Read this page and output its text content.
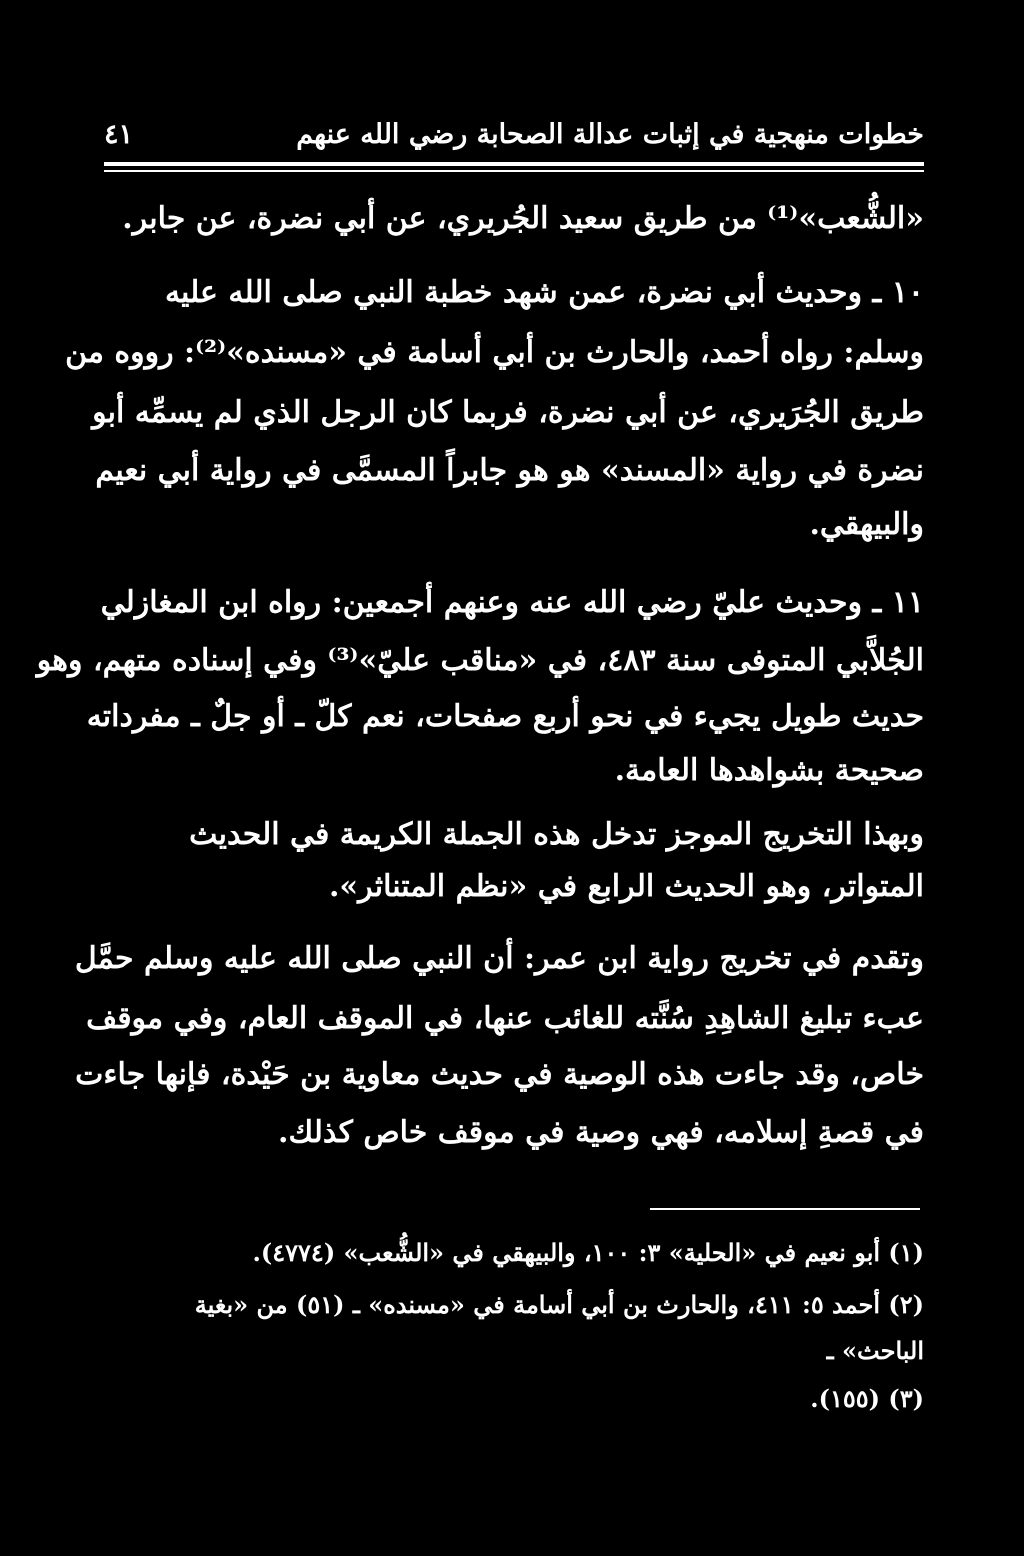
خطوات منهجية في إثبات عدالة الصحابة رضي الله عنهم
٤١
«الشُّعب»⁽¹⁾ من طريق سعيد الجُريري، عن أبي نضرة، عن جابر.
١٠ ـ وحديث أبي نضرة، عمن شهد خطبة النبي صلى الله عليه
وسلم: رواه أحمد، والحارث بن أبي أسامة في «مسنده»⁽²⁾: رووه من
طريق الجُرَيري، عن أبي نضرة، فربما كان الرجل الذي لم يسمِّه أبو
نضرة في رواية «المسند» هو هو جابراً المسمَّى في رواية أبي نعيم
والبيهقي.
١١ ـ وحديث عليّ رضي الله عنه وعنهم أجمعين: رواه ابن المغازلي
الجُلاَّبي المتوفى سنة ٤٨٣، في «مناقب عليّ»⁽³⁾ وفي إسناده متهم، وهو
حديث طويل يجيء في نحو أربع صفحات، نعم كلّ ـ أو جلٌ ـ مفرداته
صحيحة بشواهدها العامة.
وبهذا التخريج الموجز تدخل هذه الجملة الكريمة في الحديث
المتواتر، وهو الحديث الرابع في «نظم المتناثر».
وتقدم في تخريج رواية ابن عمر: أن النبي صلى الله عليه وسلم حمَّل
عبء تبليغ الشاهِدِ سُنَّته للغائب عنها، في الموقف العام، وفي موقف
خاص، وقد جاءت هذه الوصية في حديث معاوية بن حَيْدة، فإنها جاءت
في قصةِ إسلامه، فهي وصية في موقف خاص كذلك.
(١) أبو نعيم في «الحلية» ٣: ١٠٠، والبيهقي في «الشُّعب» (٤٧٧٤).
(٢) أحمد ٥: ٤١١، والحارث بن أبي أسامة في «مسنده» ـ (٥١) من «بغية
الباحث» ـ
(٣) (١٥٥).
